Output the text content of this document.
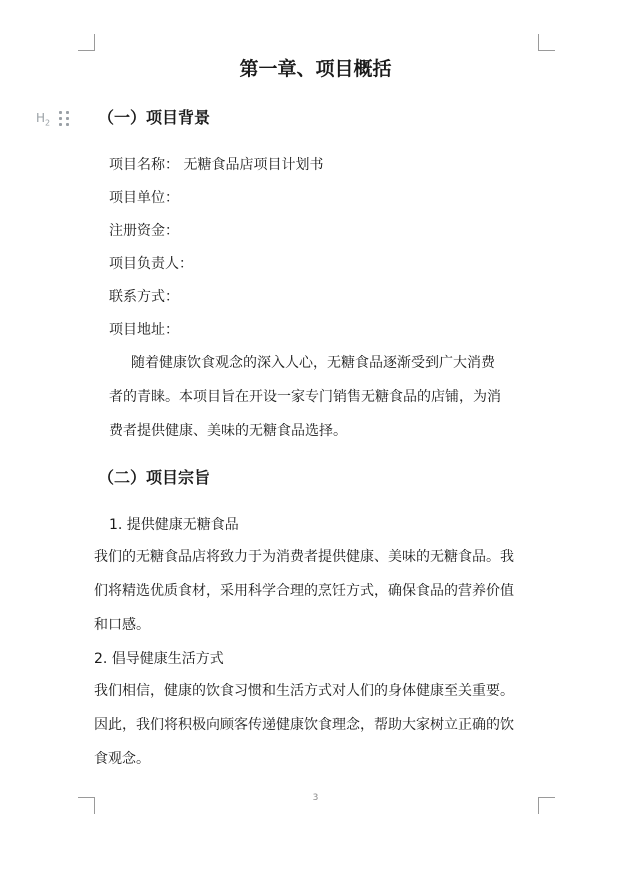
第一章、项目概括
$H_2$	（一）项目背景
项目名称： 无糖食品店项目计划书
项目单位：
注册资金：
项目负责人：
联系方式：
项目地址：
随着健康饮食观念的深入人心，无糖食品逐渐受到广大消费
者的青睐。本项目旨在开设一家专门销售无糖食品的店铺，为消
费者提供健康、美味的无糖食品选择。
（二）项目宗旨
1. 提供健康无糖食品
我们的无糖食品店将致力于为消费者提供健康、美味的无糖食品。我
们将精选优质食材，采用科学合理的烹饪方式，确保食品的营养价值
和口感。
2. 倡导健康生活方式
我们相信，健康的饮食习惯和生活方式对人们的身体健康至关重要。
因此，我们将积极向顾客传递健康饮食理念，帮助大家树立正确的饮
食观念。
3
